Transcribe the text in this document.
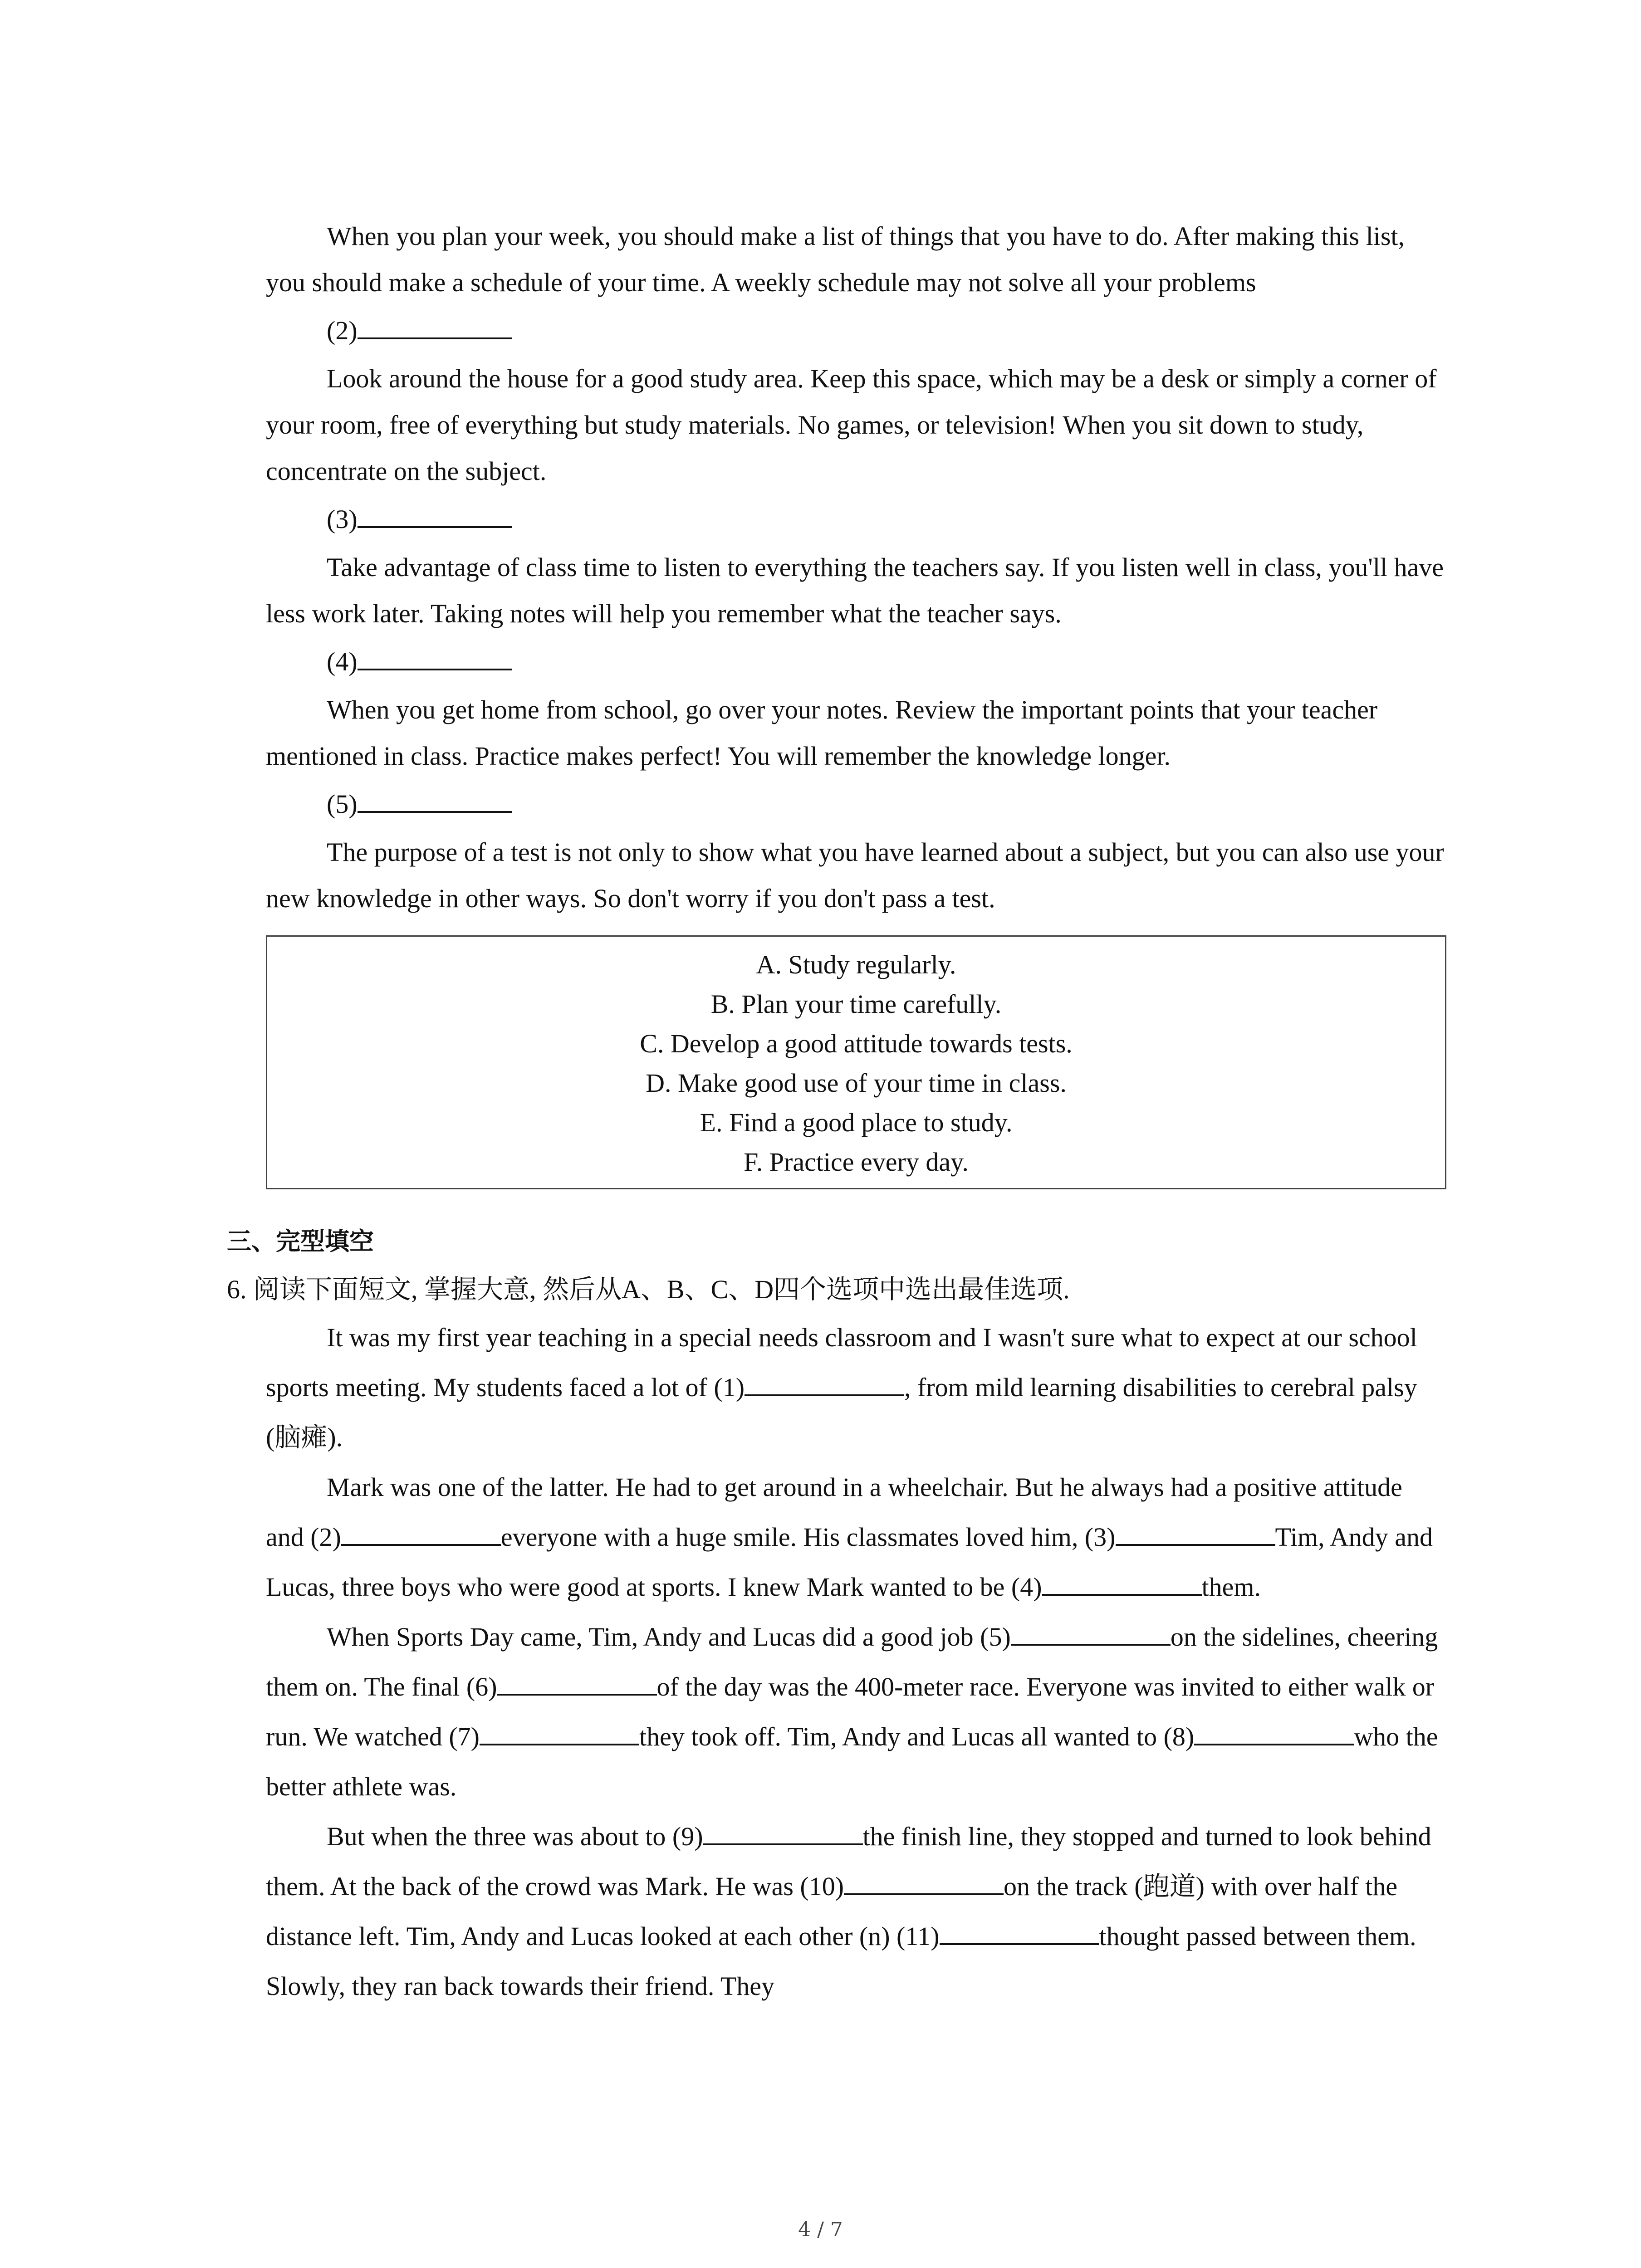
When you plan your week, you should make a list of things that you have to do. After making this list, you should make a schedule of your time. A weekly schedule may not solve all your problems

(2)

Look around the house for a good study area. Keep this space, which may be a desk or simply a corner of your room, free of everything but study materials. No games, or television! When you sit down to study, concentrate on the subject.

(3)

Take advantage of class time to listen to everything the teachers say. If you listen well in class, you'll have less work later. Taking notes will help you remember what the teacher says.

(4)

When you get home from school, go over your notes. Review the important points that your teacher mentioned in class. Practice makes perfect! You will remember the knowledge longer.

(5)

The purpose of a test is not only to show what you have learned about a subject, but you can also use your new knowledge in other ways. So don't worry if you don't pass a test.

A. Study regularly.
B. Plan your time carefully.
C. Develop a good attitude towards tests.
D. Make good use of your time in class.
E. Find a good place to study.
F. Practice every day.
三、完型填空
6. 阅读下面短文, 掌握大意, 然后从A、B、C、D四个选项中选出最佳选项.

It was my first year teaching in a special needs classroom and I wasn't sure what to expect at our school sports meeting. My students faced a lot of (1)	, from mild learning disabilities to cerebral palsy (脑瘫).

Mark was one of the latter. He had to get around in a wheelchair. But he always had a positive attitude and (2)	everyone with a huge smile. His classmates loved him, (3)	Tim, Andy and Lucas, three boys who were good at sports. I knew Mark wanted to be (4)	them.

When Sports Day came, Tim, Andy and Lucas did a good job (5)	on the sidelines, cheering them on. The final (6)	of the day was the 400-meter race. Everyone was invited to either walk or run. We watched (7)	they took off. Tim, Andy and Lucas all wanted to (8)	who the better athlete was.

But when the three was about to (9)	the finish line, they stopped and turned to look behind them. At the back of the crowd was Mark. He was (10)	on the track (跑道) with over half the distance left. Tim, Andy and Lucas looked at each other (n) (11)	thought passed between them. Slowly, they ran back towards their friend. They

4 / 7
